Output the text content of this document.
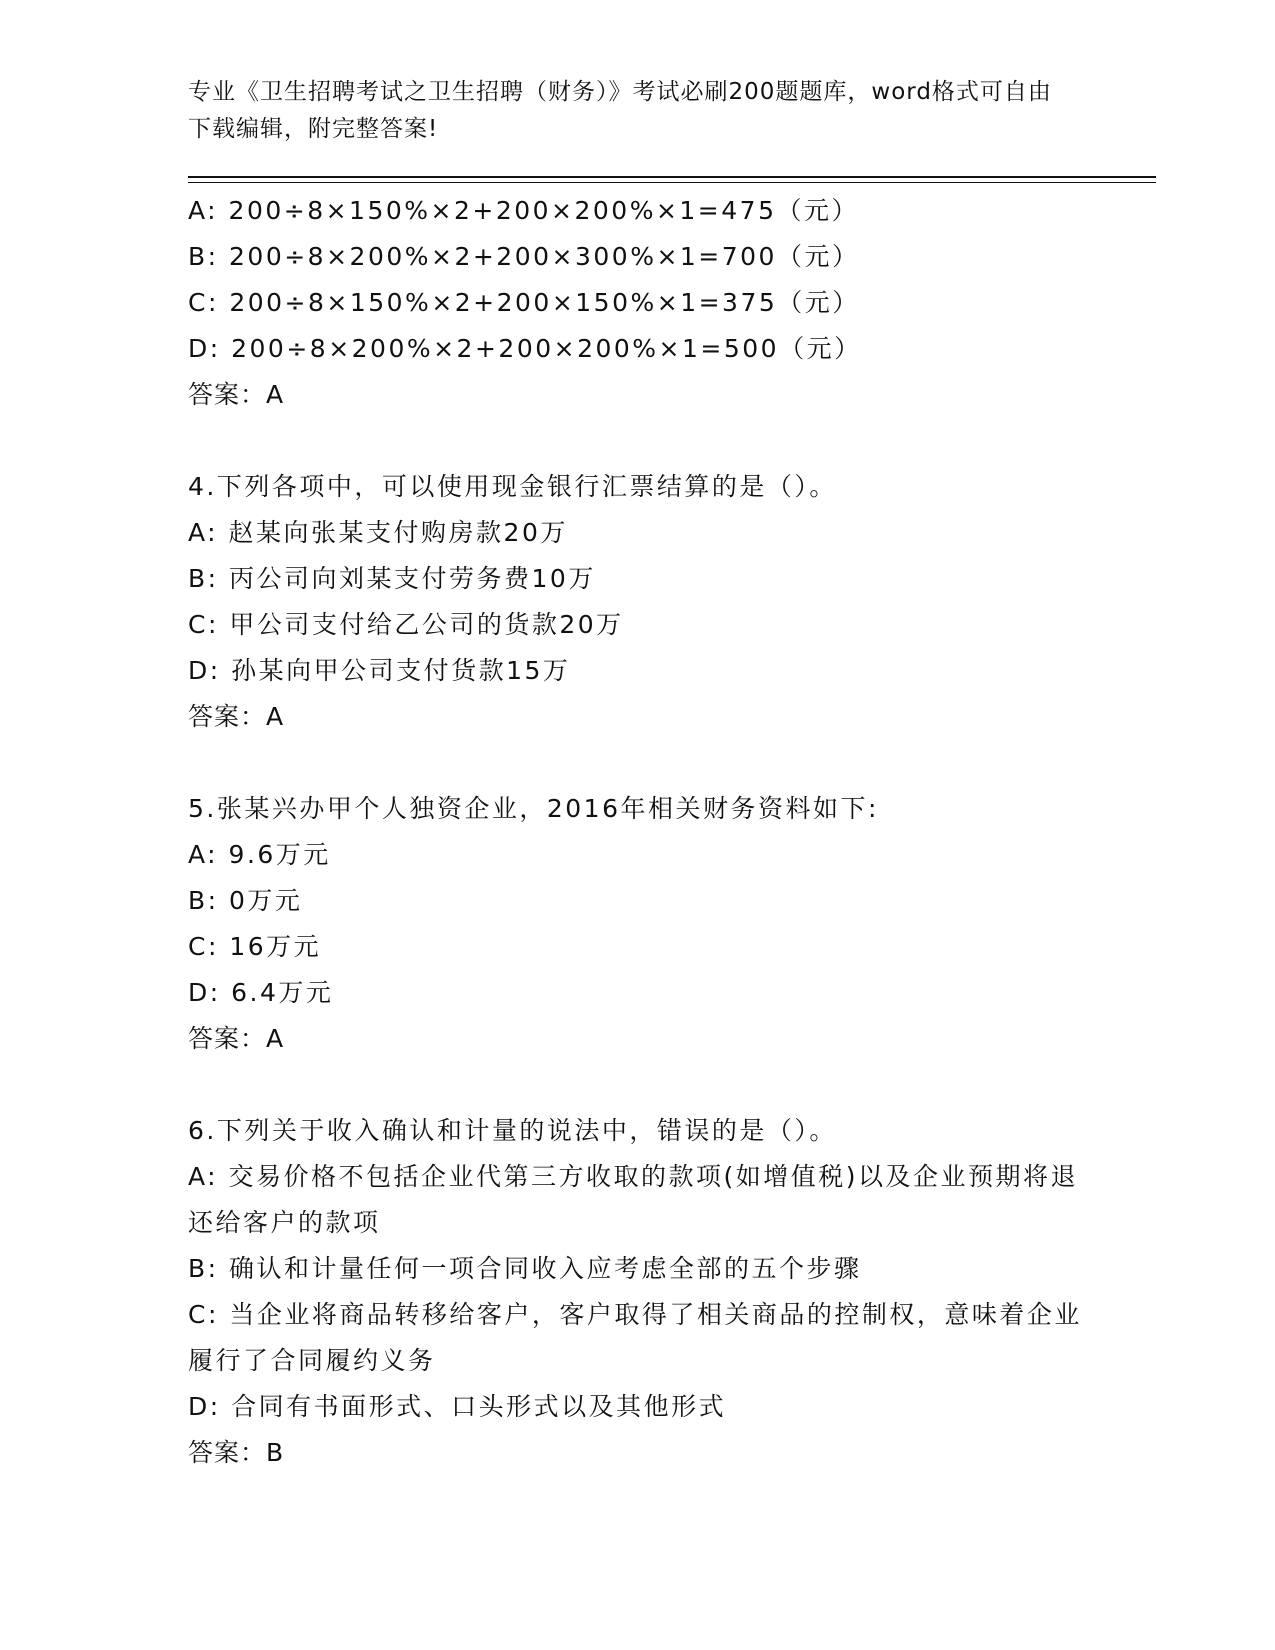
专业《卫生招聘考试之卫生招聘（财务）》考试必刷200题题库，word格式可自由下载编辑，附完整答案!
A: 200÷8×150%×2+200×200%×1=475（元）
B: 200÷8×200%×2+200×300%×1=700（元）
C: 200÷8×150%×2+200×150%×1=375（元）
D: 200÷8×200%×2+200×200%×1=500（元）
答案：A
4.下列各项中，可以使用现金银行汇票结算的是（）。
A: 赵某向张某支付购房款20万
B: 丙公司向刘某支付劳务费10万
C: 甲公司支付给乙公司的货款20万
D: 孙某向甲公司支付货款15万
答案：A
5.张某兴办甲个人独资企业，2016年相关财务资料如下:
A: 9.6万元
B: 0万元
C: 16万元
D: 6.4万元
答案：A
6.下列关于收入确认和计量的说法中，错误的是（）。
A: 交易价格不包括企业代第三方收取的款项(如增值税)以及企业预期将退还给客户的款项
B: 确认和计量任何一项合同收入应考虑全部的五个步骤
C: 当企业将商品转移给客户，客户取得了相关商品的控制权，意味着企业履行了合同履约义务
D: 合同有书面形式、口头形式以及其他形式
答案：B
